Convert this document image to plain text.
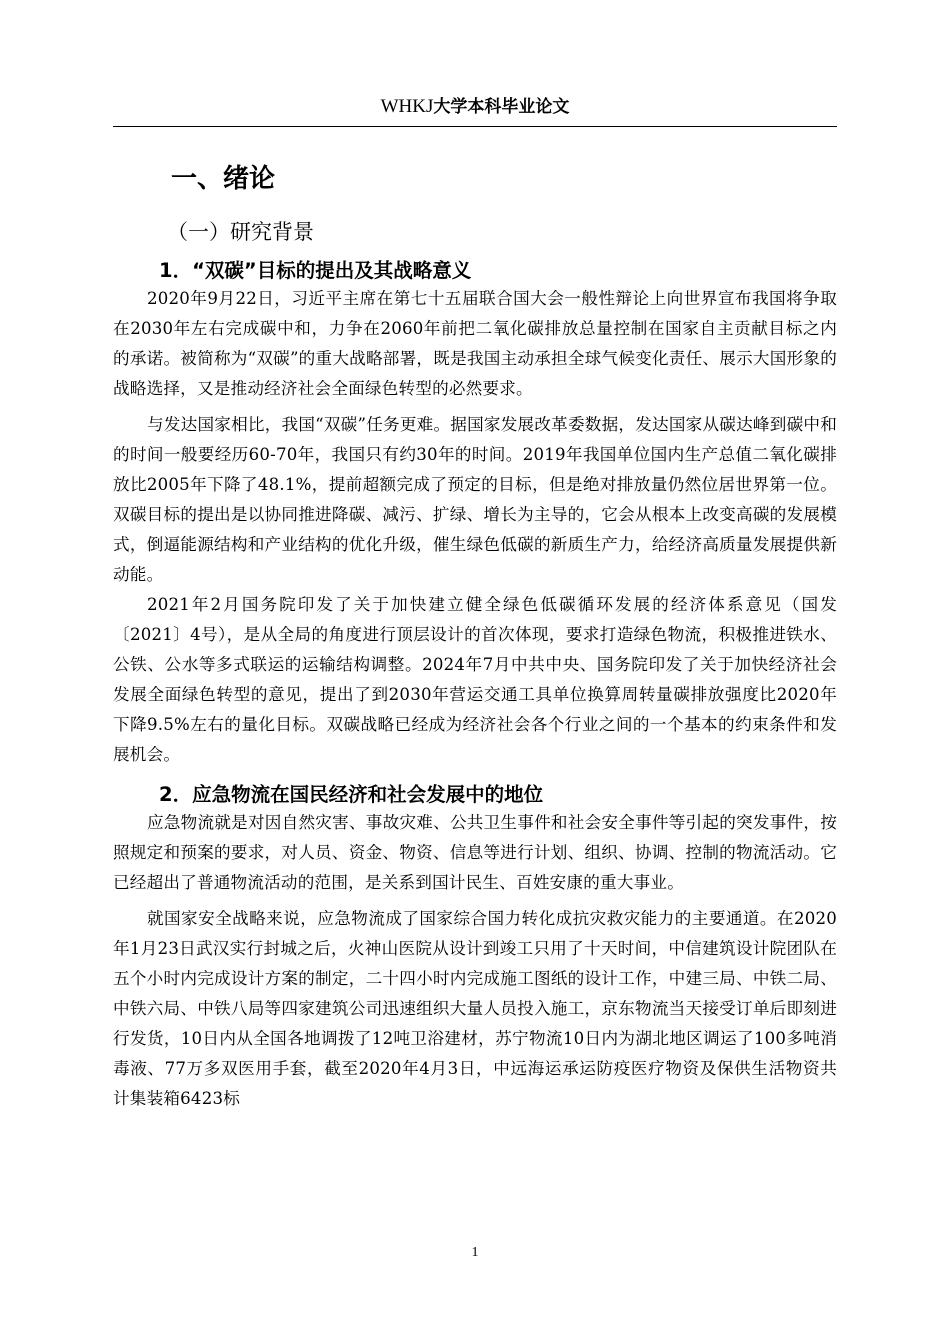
WHKJ大学本科毕业论文
一、绪论
（一）研究背景
1．“双碳”目标的提出及其战略意义

2020年9月22日，习近平主席在第七十五届联合国大会一般性辩论上向世界宣布我国将争取在2030年左右完成碳中和，力争在2060年前把二氧化碳排放总量控制在国家自主贡献目标之内的承诺。被简称为“双碳”的重大战略部署，既是我国主动承担全球气候变化责任、展示大国形象的战略选择，又是推动经济社会全面绿色转型的必然要求。

与发达国家相比，我国“双碳”任务更难。据国家发展改革委数据，发达国家从碳达峰到碳中和的时间一般要经历60-70年，我国只有约30年的时间。2019年我国单位国内生产总值二氧化碳排放比2005年下降了48.1%，提前超额完成了预定的目标，但是绝对排放量仍然位居世界第一位。双碳目标的提出是以协同推进降碳、减污、扩绿、增长为主导的，它会从根本上改变高碳的发展模式，倒逼能源结构和产业结构的优化升级，催生绿色低碳的新质生产力，给经济高质量发展提供新动能。

2021年2月国务院印发了关于加快建立健全绿色低碳循环发展的经济体系意见（国发〔2021〕4号），是从全局的角度进行顶层设计的首次体现，要求打造绿色物流，积极推进铁水、公铁、公水等多式联运的运输结构调整。2024年7月中共中央、国务院印发了关于加快经济社会发展全面绿色转型的意见，提出了到2030年营运交通工具单位换算周转量碳排放强度比2020年下降9.5%左右的量化目标。双碳战略已经成为经济社会各个行业之间的一个基本的约束条件和发展机会。

2．应急物流在国民经济和社会发展中的地位

应急物流就是对因自然灾害、事故灾难、公共卫生事件和社会安全事件等引起的突发事件，按照规定和预案的要求，对人员、资金、物资、信息等进行计划、组织、协调、控制的物流活动。它已经超出了普通物流活动的范围，是关系到国计民生、百姓安康的重大事业。

就国家安全战略来说，应急物流成了国家综合国力转化成抗灾救灾能力的主要通道。在2020年1月23日武汉实行封城之后，火神山医院从设计到竣工只用了十天时间，中信建筑设计院团队在五个小时内完成设计方案的制定，二十四小时内完成施工图纸的设计工作，中建三局、中铁二局、中铁六局、中铁八局等四家建筑公司迅速组织大量人员投入施工，京东物流当天接受订单后即刻进行发货，10日内从全国各地调拨了12吨卫浴建材，苏宁物流10日内为湖北地区调运了100多吨消毒液、77万多双医用手套，截至2020年4月3日，中远海运承运防疫医疗物资及保供生活物资共计集装箱6423标

1
